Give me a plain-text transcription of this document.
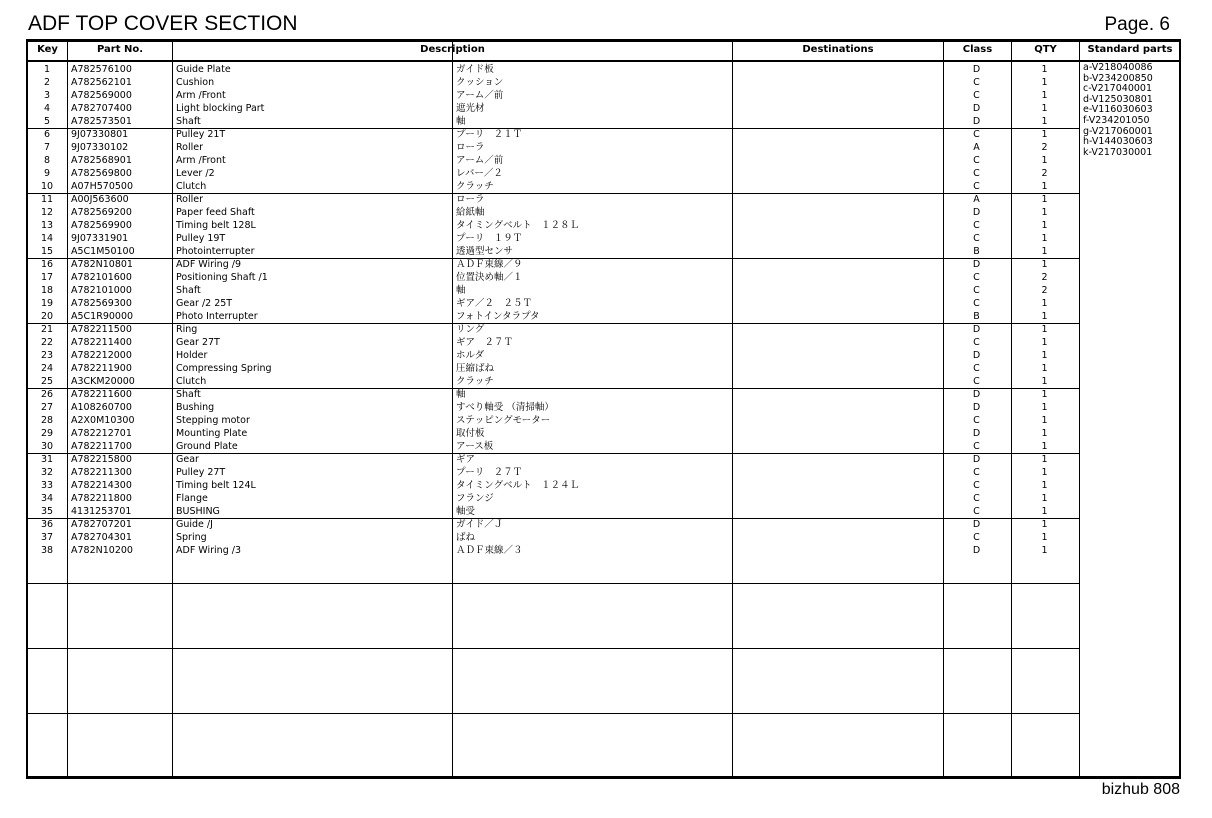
ADF TOP COVER SECTION	Page. 6
Key	Part No.	Description	Destinations	Class	QTY	Standard parts
1	A782576100	Guide Plate	ガイド板	D	1
2	A782562101	Cushion	クッション	C	1
3	A782569000	Arm /Front	アーム／前	C	1
4	A782707400	Light blocking Part	遮光材	D	1
5	A782573501	Shaft	軸	D	1
6	9J07330801	Pulley 21T	プーリ　２１Ｔ	C	1
7	9J07330102	Roller	ローラ	A	2
8	A782568901	Arm /Front	アーム／前	C	1
9	A782569800	Lever /2	レバー／２	C	2
10	A07H570500	Clutch	クラッチ	C	1
11	A00J563600	Roller	ローラ	A	1
12	A782569200	Paper feed Shaft	給紙軸	D	1
13	A782569900	Timing belt 128L	タイミングベルト　１２８Ｌ	C	1
14	9J07331901	Pulley 19T	プーリ　１９Ｔ	C	1
15	A5C1M50100	Photointerrupter	透過型センサ	B	1
16	A782N10801	ADF Wiring /9	ＡＤＦ束線／９	D	1
17	A782101600	Positioning Shaft /1	位置決め軸／１	C	2
18	A782101000	Shaft	軸	C	2
19	A782569300	Gear /2 25T	ギア／２　２５Ｔ	C	1
20	A5C1R90000	Photo Interrupter	フォトインタラプタ	B	1
21	A782211500	Ring	リング	D	1
22	A782211400	Gear 27T	ギア　２７Ｔ	C	1
23	A782212000	Holder	ホルダ	D	1
24	A782211900	Compressing Spring	圧縮ばね	C	1
25	A3CKM20000	Clutch	クラッチ	C	1
26	A782211600	Shaft	軸	D	1
27	A108260700	Bushing	すべり軸受 （清掃軸）	D	1
28	A2X0M10300	Stepping motor	ステッピングモーター	C	1
29	A782212701	Mounting Plate	取付板	D	1
30	A782211700	Ground Plate	アース板	C	1
31	A782215800	Gear	ギア	D	1
32	A782211300	Pulley 27T	プーリ　２７Ｔ	C	1
33	A782214300	Timing belt 124L	タイミングベルト　１２４Ｌ	C	1
34	A782211800	Flange	フランジ	C	1
35	4131253701	BUSHING	軸受	C	1
36	A782707201	Guide /J	ガイド／Ｊ	D	1
37	A782704301	Spring	ばね	C	1
38	A782N10200	ADF Wiring /3	ＡＤＦ束線／３	D	1
a-V218040086
b-V234200850
c-V217040001
d-V125030801
e-V116030603
f-V234201050
g-V217060001
h-V144030603
k-V217030001
bizhub 808
